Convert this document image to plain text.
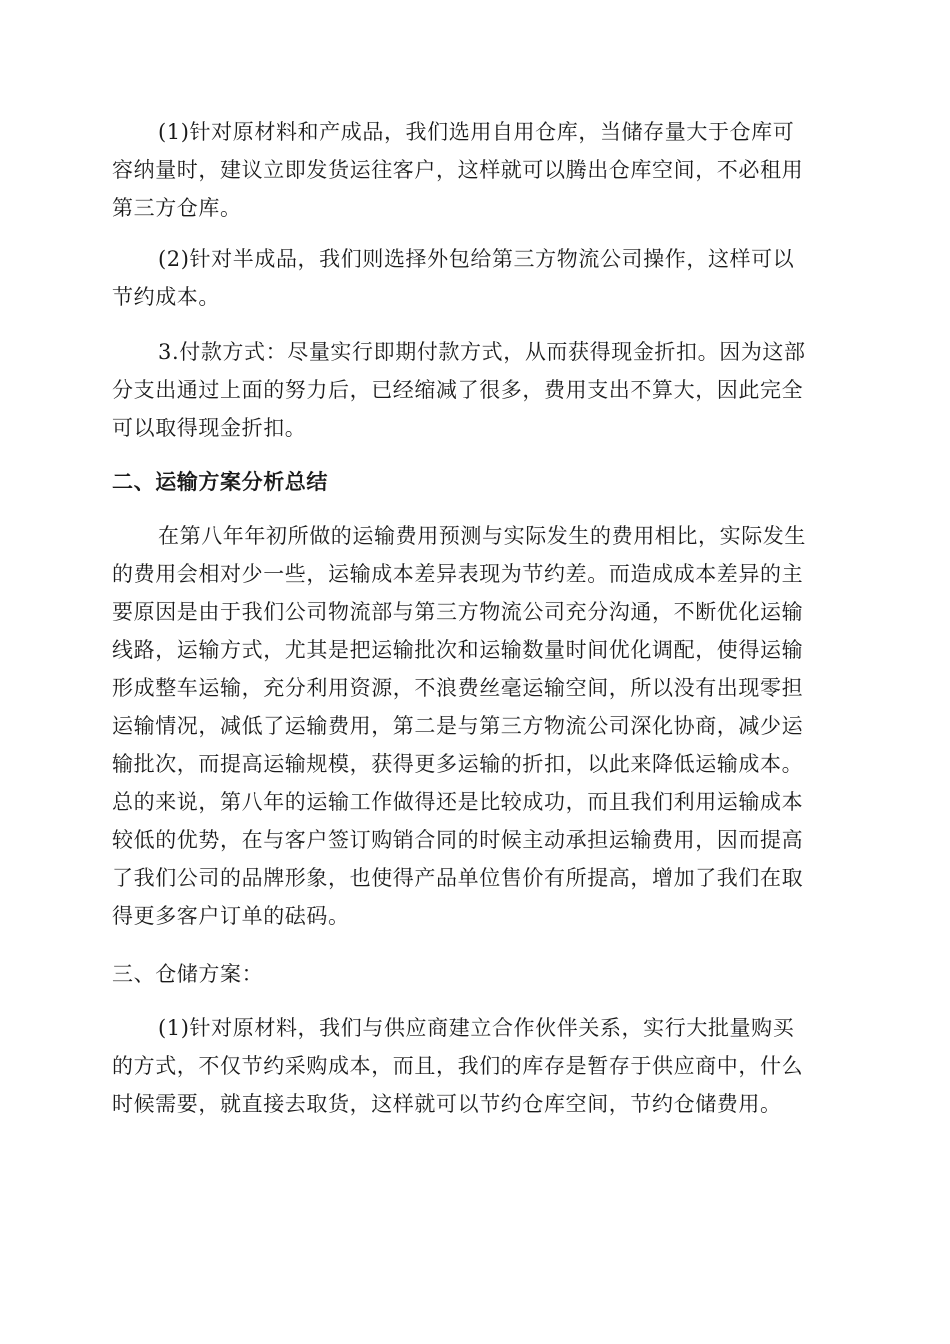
(1)针对原材料和产成品，我们选用自用仓库，当储存量大于仓库可
容纳量时，建议立即发货运往客户，这样就可以腾出仓库空间，不必租用
第三方仓库。
(2)针对半成品，我们则选择外包给第三方物流公司操作，这样可以
节约成本。
3.付款方式：尽量实行即期付款方式，从而获得现金折扣。因为这部
分支出通过上面的努力后，已经缩减了很多，费用支出不算大，因此完全
可以取得现金折扣。
二、运输方案分析总结
在第八年年初所做的运输费用预测与实际发生的费用相比，实际发生
的费用会相对少一些，运输成本差异表现为节约差。而造成成本差异的主
要原因是由于我们公司物流部与第三方物流公司充分沟通，不断优化运输
线路，运输方式，尤其是把运输批次和运输数量时间优化调配，使得运输
形成整车运输，充分利用资源，不浪费丝毫运输空间，所以没有出现零担
运输情况，减低了运输费用，第二是与第三方物流公司深化协商，减少运
输批次，而提高运输规模，获得更多运输的折扣，以此来降低运输成本。
总的来说，第八年的运输工作做得还是比较成功，而且我们利用运输成本
较低的优势，在与客户签订购销合同的时候主动承担运输费用，因而提高
了我们公司的品牌形象，也使得产品单位售价有所提高，增加了我们在取
得更多客户订单的砝码。
三、仓储方案：
(1)针对原材料，我们与供应商建立合作伙伴关系，实行大批量购买
的方式，不仅节约采购成本，而且，我们的库存是暂存于供应商中，什么
时候需要，就直接去取货，这样就可以节约仓库空间，节约仓储费用。
